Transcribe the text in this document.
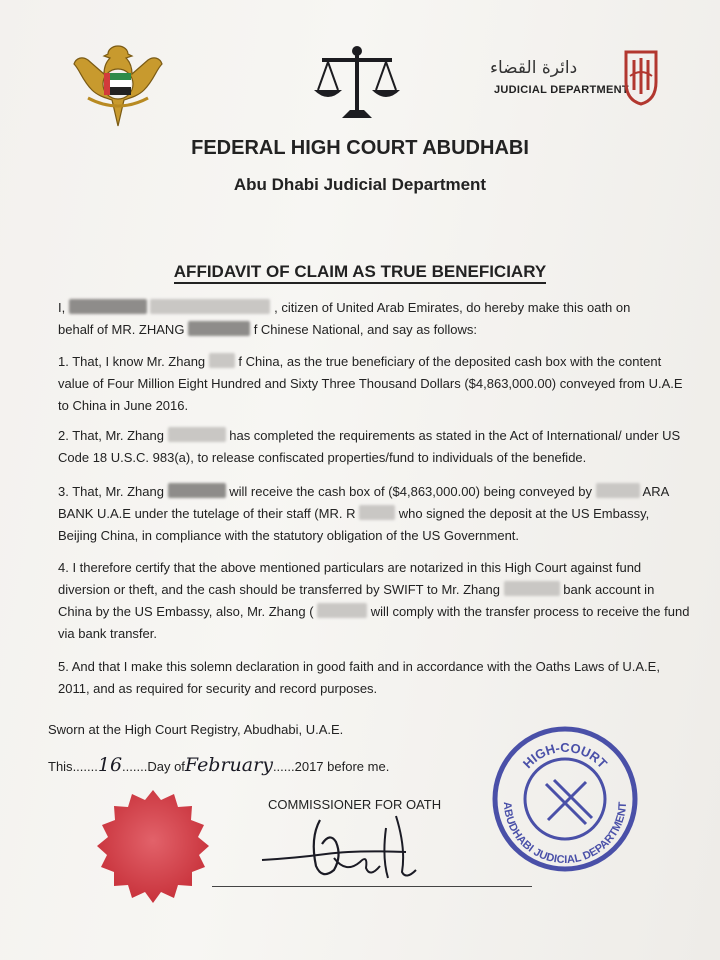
دائرة القضاء
JUDICIAL DEPARTMENT
FEDERAL HIGH COURT ABUDHABI
Abu Dhabi Judicial Department
AFFIDAVIT OF CLAIM AS TRUE BENEFICIARY
I,	, citizen of United Arab Emirates, do hereby make this oath on
behalf of MR. ZHANG	f Chinese National, and say as follows:
1. That, I know Mr. Zhang	f China, as the true beneficiary of the deposited cash box with the content value of Four Million Eight Hundred and Sixty Three Thousand Dollars ($4,863,000.00) conveyed from U.A.E to China in June 2016.
2. That, Mr. Zhang	has completed the requirements as stated in the Act of International/ under US Code 18 U.S.C. 983(a), to release confiscated properties/fund to individuals of the benefide.
3. That, Mr. Zhang	will receive the cash box of ($4,863,000.00) being conveyed by	ARA BANK U.A.E under the tutelage of their staff (MR. R	who signed the deposit at the US Embassy, Beijing China, in compliance with the statutory obligation of the US Government.
4. I therefore certify that the above mentioned particulars are notarized in this High Court against fund diversion or theft, and the cash should be transferred by SWIFT to Mr. Zhang	bank account in China by the US Embassy, also, Mr. Zhang (	will comply with the transfer process to receive the fund via bank transfer.
5. And that I make this solemn declaration in good faith and in accordance with the Oaths Laws of U.A.E, 2011, and as required for security and record purposes.
Sworn at the High Court Registry, Abudhabi, U.A.E.
This.......16.......Day ofFebruary......2017 before me.
COMMISSIONER FOR OATH
HIGH-COURT
ABUDHABI JUDICIAL DEPARTMENT
